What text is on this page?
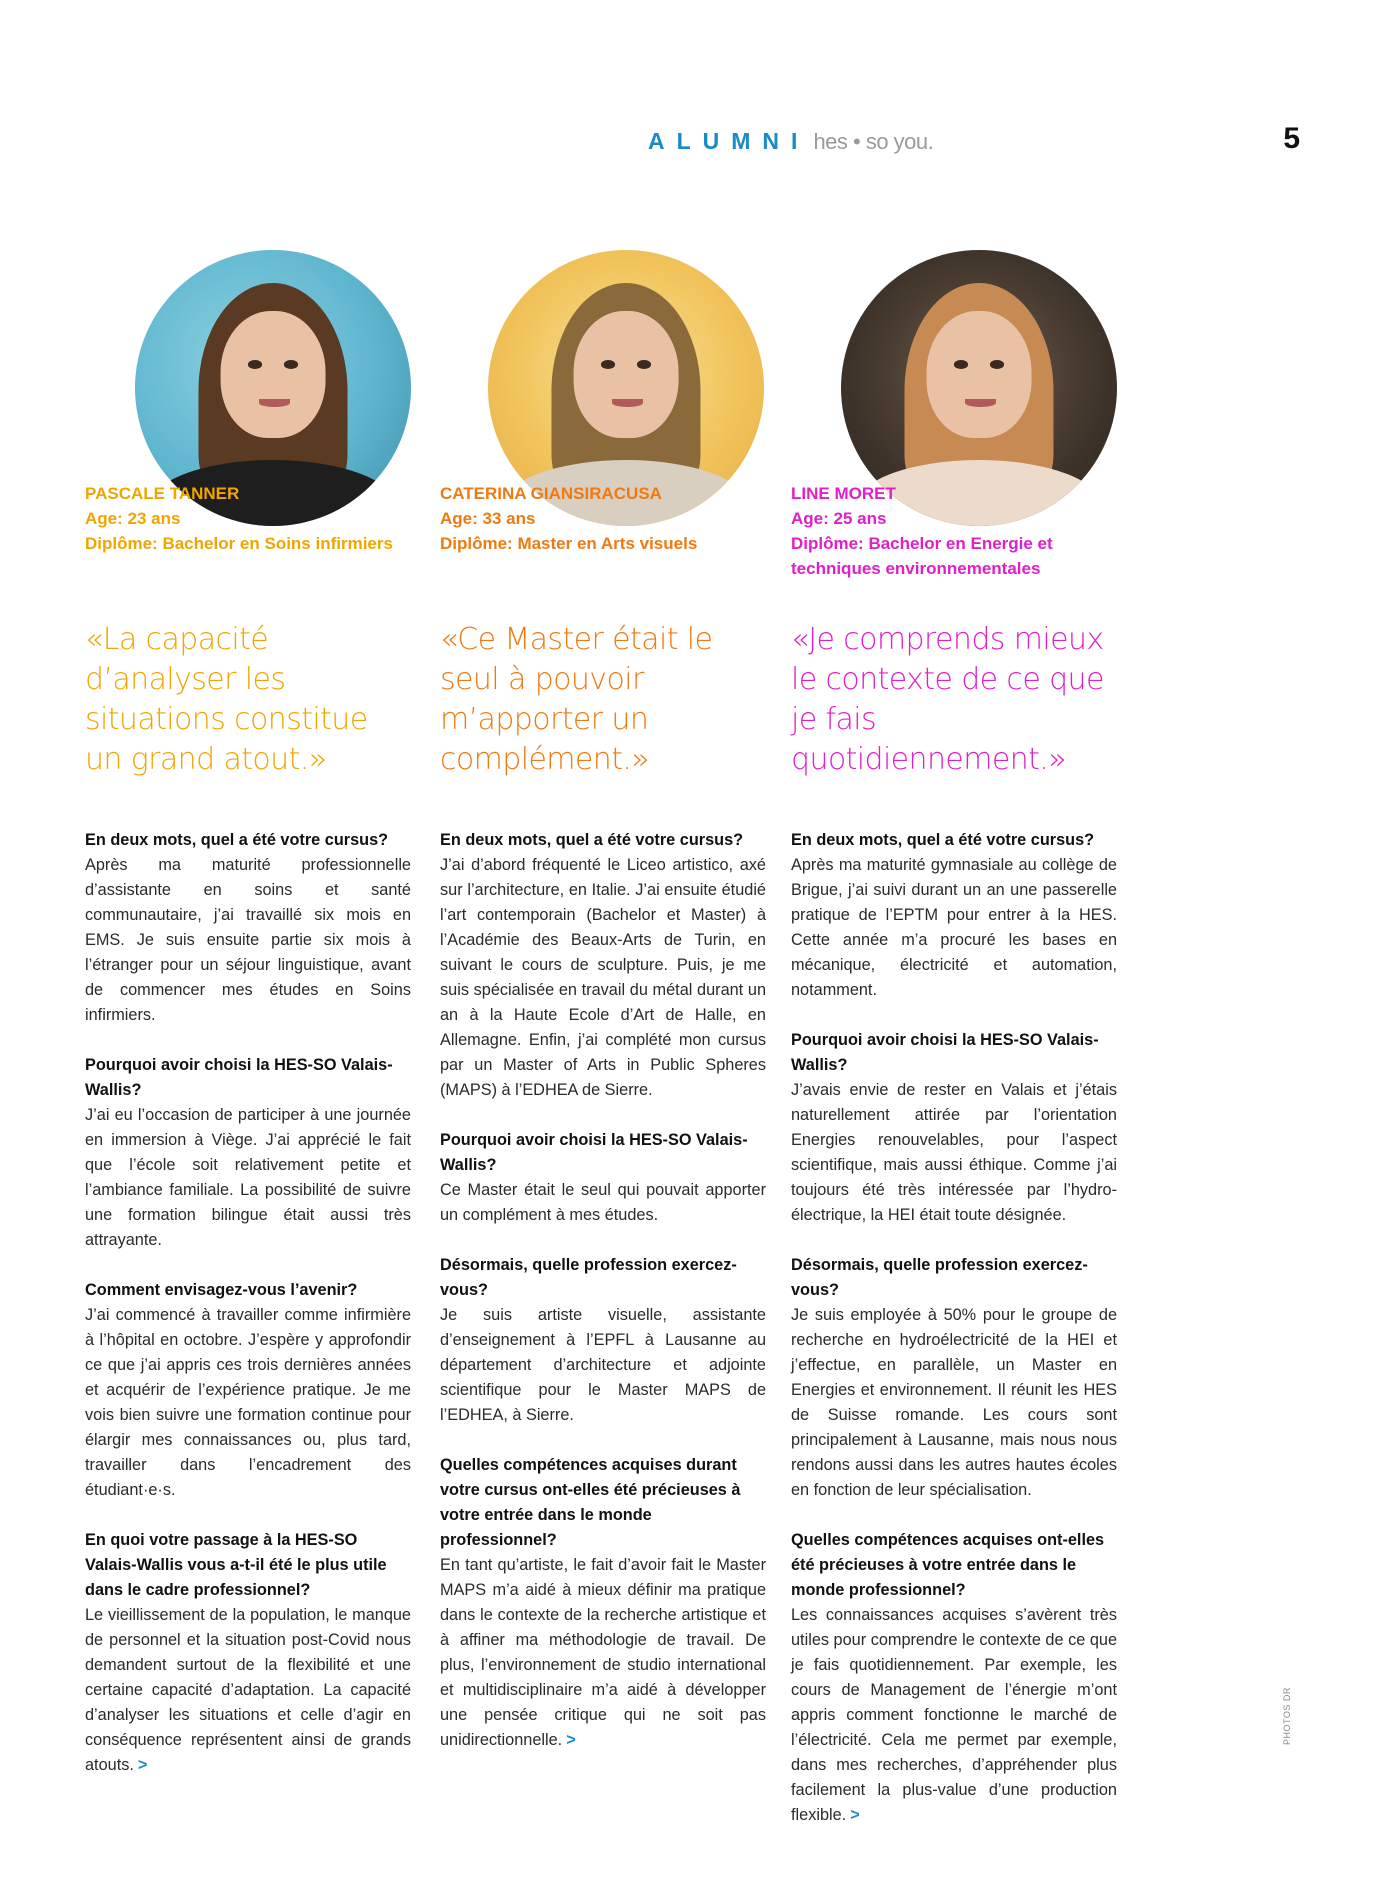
ALUMNI hes • so you.	5
PASCALE TANNER
Age: 23 ans
Diplôme: Bachelor en Soins infirmiers
«La capacité d’analyser les situations constitue un grand atout.»
En deux mots, quel a été votre cursus?
Après ma maturité professionnelle d’assistante en soins et santé communautaire, j’ai travaillé six mois en EMS. Je suis ensuite partie six mois à l’étranger pour un séjour linguistique, avant de commencer mes études en Soins infirmiers.
Pourquoi avoir choisi la HES-SO Valais-Wallis?
J’ai eu l’occasion de participer à une journée en immersion à Viège. J’ai apprécié le fait que l’école soit relativement petite et l’ambiance familiale. La possibilité de suivre une formation bilingue était aussi très attrayante.
Comment envisagez-vous l’avenir?
J’ai commencé à travailler comme infirmière à l’hôpital en octobre. J’espère y approfondir ce que j’ai appris ces trois dernières années et acquérir de l’expérience pratique. Je me vois bien suivre une formation continue pour élargir mes connaissances ou, plus tard, travailler dans l’encadrement des étudiant·e·s.
En quoi votre passage à la HES-SO Valais-Wallis vous a-t-il été le plus utile dans le cadre professionnel?
Le vieillissement de la population, le manque de personnel et la situation post-Covid nous demandent surtout de la flexibilité et une certaine capacité d’adaptation. La capacité d’analyser les situations et celle d’agir en conséquence représentent ainsi de grands atouts. >
CATERINA GIANSIRACUSA
Age: 33 ans
Diplôme: Master en Arts visuels
«Ce Master était le seul à pouvoir m’apporter un complément.»
En deux mots, quel a été votre cursus?
J’ai d’abord fréquenté le Liceo artistico, axé sur l’architecture, en Italie. J’ai ensuite étudié l’art contemporain (Bachelor et Master) à l’Académie des Beaux-Arts de Turin, en suivant le cours de sculpture. Puis, je me suis spécialisée en travail du métal durant un an à la Haute Ecole d’Art de Halle, en Allemagne. Enfin, j’ai complété mon cursus par un Master of Arts in Public Spheres (MAPS) à l’EDHEA de Sierre.
Pourquoi avoir choisi la HES-SO Valais-Wallis?
Ce Master était le seul qui pouvait apporter un complément à mes études.
Désormais, quelle profession exercez-vous?
Je suis artiste visuelle, assistante d’enseignement à l’EPFL à Lausanne au département d’architecture et adjointe scientifique pour le Master MAPS de l’EDHEA, à Sierre.
Quelles compétences acquises durant votre cursus ont-elles été précieuses à votre entrée dans le monde professionnel?
En tant qu’artiste, le fait d’avoir fait le Master MAPS m’a aidé à mieux définir ma pratique dans le contexte de la recherche artistique et à affiner ma méthodologie de travail. De plus, l’environnement de studio international et multidisciplinaire m’a aidé à développer une pensée critique qui ne soit pas unidirectionnelle. >
LINE MORET
Age: 25 ans
Diplôme: Bachelor en Energie et techniques environnementales
«Je comprends mieux le contexte de ce que je fais quotidiennement.»
En deux mots, quel a été votre cursus?
Après ma maturité gymnasiale au collège de Brigue, j’ai suivi durant un an une passerelle pratique de l’EPTM pour entrer à la HES. Cette année m’a procuré les bases en mécanique, électricité et automation, notamment.
Pourquoi avoir choisi la HES-SO Valais-Wallis?
J’avais envie de rester en Valais et j’étais naturellement attirée par l’orientation Energies renouvelables, pour l’aspect scientifique, mais aussi éthique. Comme j’ai toujours été très intéressée par l’hydro-électrique, la HEI était toute désignée.
Désormais, quelle profession exercez-vous?
Je suis employée à 50% pour le groupe de recherche en hydroélectricité de la HEI et j’effectue, en parallèle, un Master en Energies et environnement. Il réunit les HES de Suisse romande. Les cours sont principalement à Lausanne, mais nous nous rendons aussi dans les autres hautes écoles en fonction de leur spécialisation.
Quelles compétences acquises ont-elles été précieuses à votre entrée dans le monde professionnel?
Les connaissances acquises s’avèrent très utiles pour comprendre le contexte de ce que je fais quotidiennement. Par exemple, les cours de Management de l’énergie m’ont appris comment fonctionne le marché de l’électricité. Cela me permet par exemple, dans mes recherches, d’appréhender plus facilement la plus-value d’une production flexible. >
PHOTOS DR
